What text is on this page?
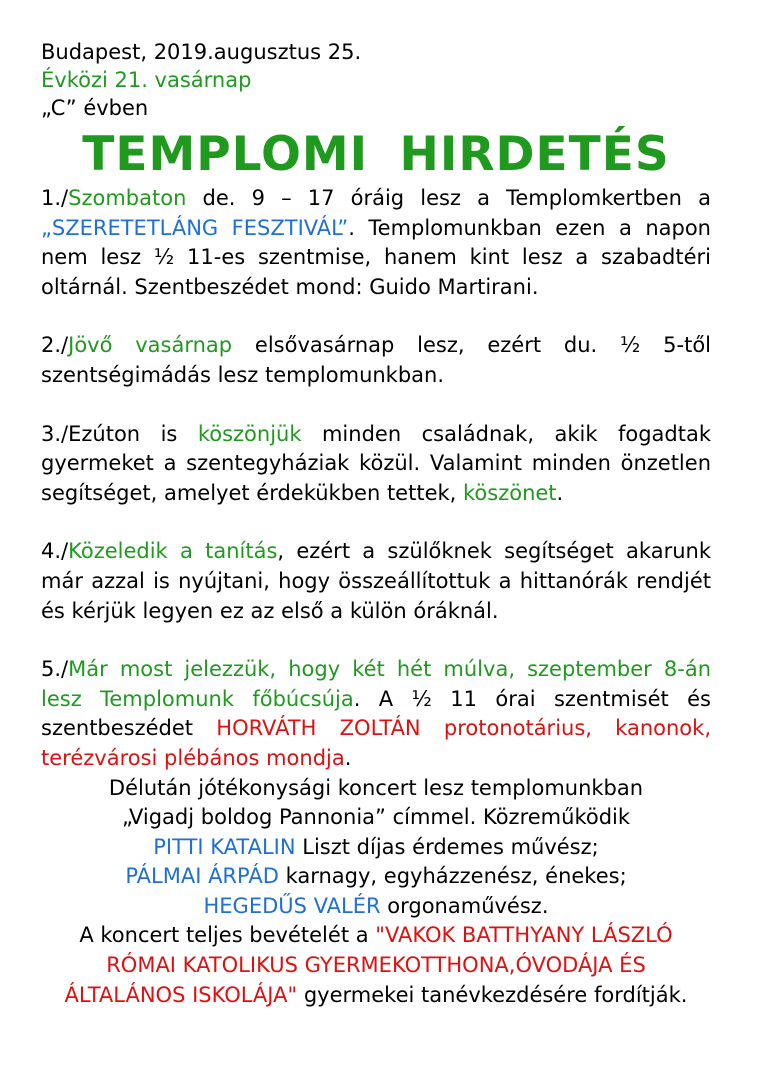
Budapest, 2019.augusztus 25.
Évközi 21. vasárnap
„C” évben
TEMPLOMI HIRDETÉS

1./Szombaton de. 9 – 17 óráig lesz a Templomkertben a „SZERETETLÁNG FESZTIVÁL”. Templomunkban ezen a napon nem lesz ½ 11-es szentmise, hanem kint lesz a szabadtéri oltárnál. Szentbeszédet mond: Guido Martirani.

2./Jövő vasárnap elsővasárnap lesz, ezért du. ½ 5-től szentségimádás lesz templomunkban.

3./Ezúton is köszönjük minden családnak, akik fogadtak gyermeket a szentegyháziak közül. Valamint minden önzetlen segítséget, amelyet érdekükben tettek, köszönet.

4./Közeledik a tanítás, ezért a szülőknek segítséget akarunk már azzal is nyújtani, hogy összeállítottuk a hittanórák rendjét és kérjük legyen ez az első a külön óráknál.

5./Már most jelezzük, hogy két hét múlva, szeptember 8-án lesz Templomunk főbúcsúja. A ½ 11 órai szentmisét és szentbeszédet HORVÁTH ZOLTÁN protonotárius, kanonok, terézvárosi plébános mondja.

Délután jótékonysági koncert lesz templomunkban

„Vigadj boldog Pannonia” címmel. Közreműködik

PITTI KATALIN Liszt díjas érdemes művész;

PÁLMAI ÁRPÁD karnagy, egyházzenész, énekes;

HEGEDŰS VALÉR orgonaművész.

A koncert teljes bevételét a "VAKOK BATTHYANY LÁSZLÓ

RÓMAI KATOLIKUS GYERMEKOTTHONA,ÓVODÁJA ÉS

ÁLTALÁNOS ISKOLÁJA" gyermekei tanévkezdésére fordítják.
